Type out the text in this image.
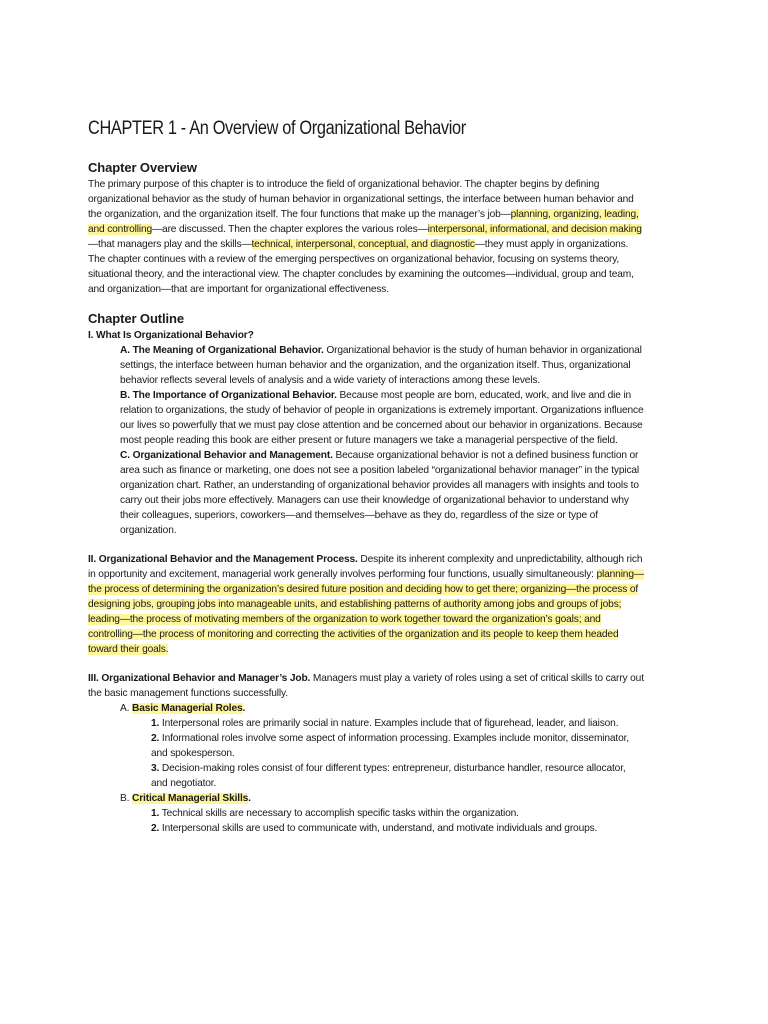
CHAPTER 1 - An Overview of Organizational Behavior
Chapter Overview

The primary purpose of this chapter is to introduce the field of organizational behavior. The chapter begins by defining organizational behavior as the study of human behavior in organizational settings, the interface between human behavior and the organization, and the organization itself. The four functions that make up the manager’s job—planning, organizing, leading, and controlling—are discussed. Then the chapter explores the various roles—interpersonal, informational, and decision making—that managers play and the skills—technical, interpersonal, conceptual, and diagnostic—they must apply in organizations. The chapter continues with a review of the emerging perspectives on organizational behavior, focusing on systems theory, situational theory, and the interactional view. The chapter concludes by examining the outcomes—individual, group and team, and organization—that are important for organizational effectiveness.

Chapter Outline

I. What Is Organizational Behavior?

A. The Meaning of Organizational Behavior. Organizational behavior is the study of human behavior in organizational settings, the interface between human behavior and the organization, and the organization itself. Thus, organizational behavior reflects several levels of analysis and a wide variety of interactions among these levels.

B. The Importance of Organizational Behavior. Because most people are born, educated, work, and live and die in relation to organizations, the study of behavior of people in organizations is extremely important. Organizations influence our lives so powerfully that we must pay close attention and be concerned about our behavior in organizations. Because most people reading this book are either present or future managers we take a managerial perspective of the field.

C. Organizational Behavior and Management. Because organizational behavior is not a defined business function or area such as finance or marketing, one does not see a position labeled “organizational behavior manager” in the typical organization chart. Rather, an understanding of organizational behavior provides all managers with insights and tools to carry out their jobs more effectively. Managers can use their knowledge of organizational behavior to understand why their colleagues, superiors, coworkers—and themselves—behave as they do, regardless of the size or type of organization.

II. Organizational Behavior and the Management Process. Despite its inherent complexity and unpredictability, although rich in opportunity and excitement, managerial work generally involves performing four functions, usually simultaneously: planning—the process of determining the organization’s desired future position and deciding how to get there; organizing—the process of designing jobs, grouping jobs into manageable units, and establishing patterns of authority among jobs and groups of jobs; leading—the process of motivating members of the organization to work together toward the organization’s goals; and controlling—the process of monitoring and correcting the activities of the organization and its people to keep them headed toward their goals.

III. Organizational Behavior and Manager’s Job. Managers must play a variety of roles using a set of critical skills to carry out the basic management functions successfully.

A. Basic Managerial Roles.

1. Interpersonal roles are primarily social in nature. Examples include that of figurehead, leader, and liaison.

2. Informational roles involve some aspect of information processing. Examples include monitor, disseminator, and spokesperson.

3. Decision-making roles consist of four different types: entrepreneur, disturbance handler, resource allocator, and negotiator.

B. Critical Managerial Skills.

1. Technical skills are necessary to accomplish specific tasks within the organization.

2. Interpersonal skills are used to communicate with, understand, and motivate individuals and groups.
